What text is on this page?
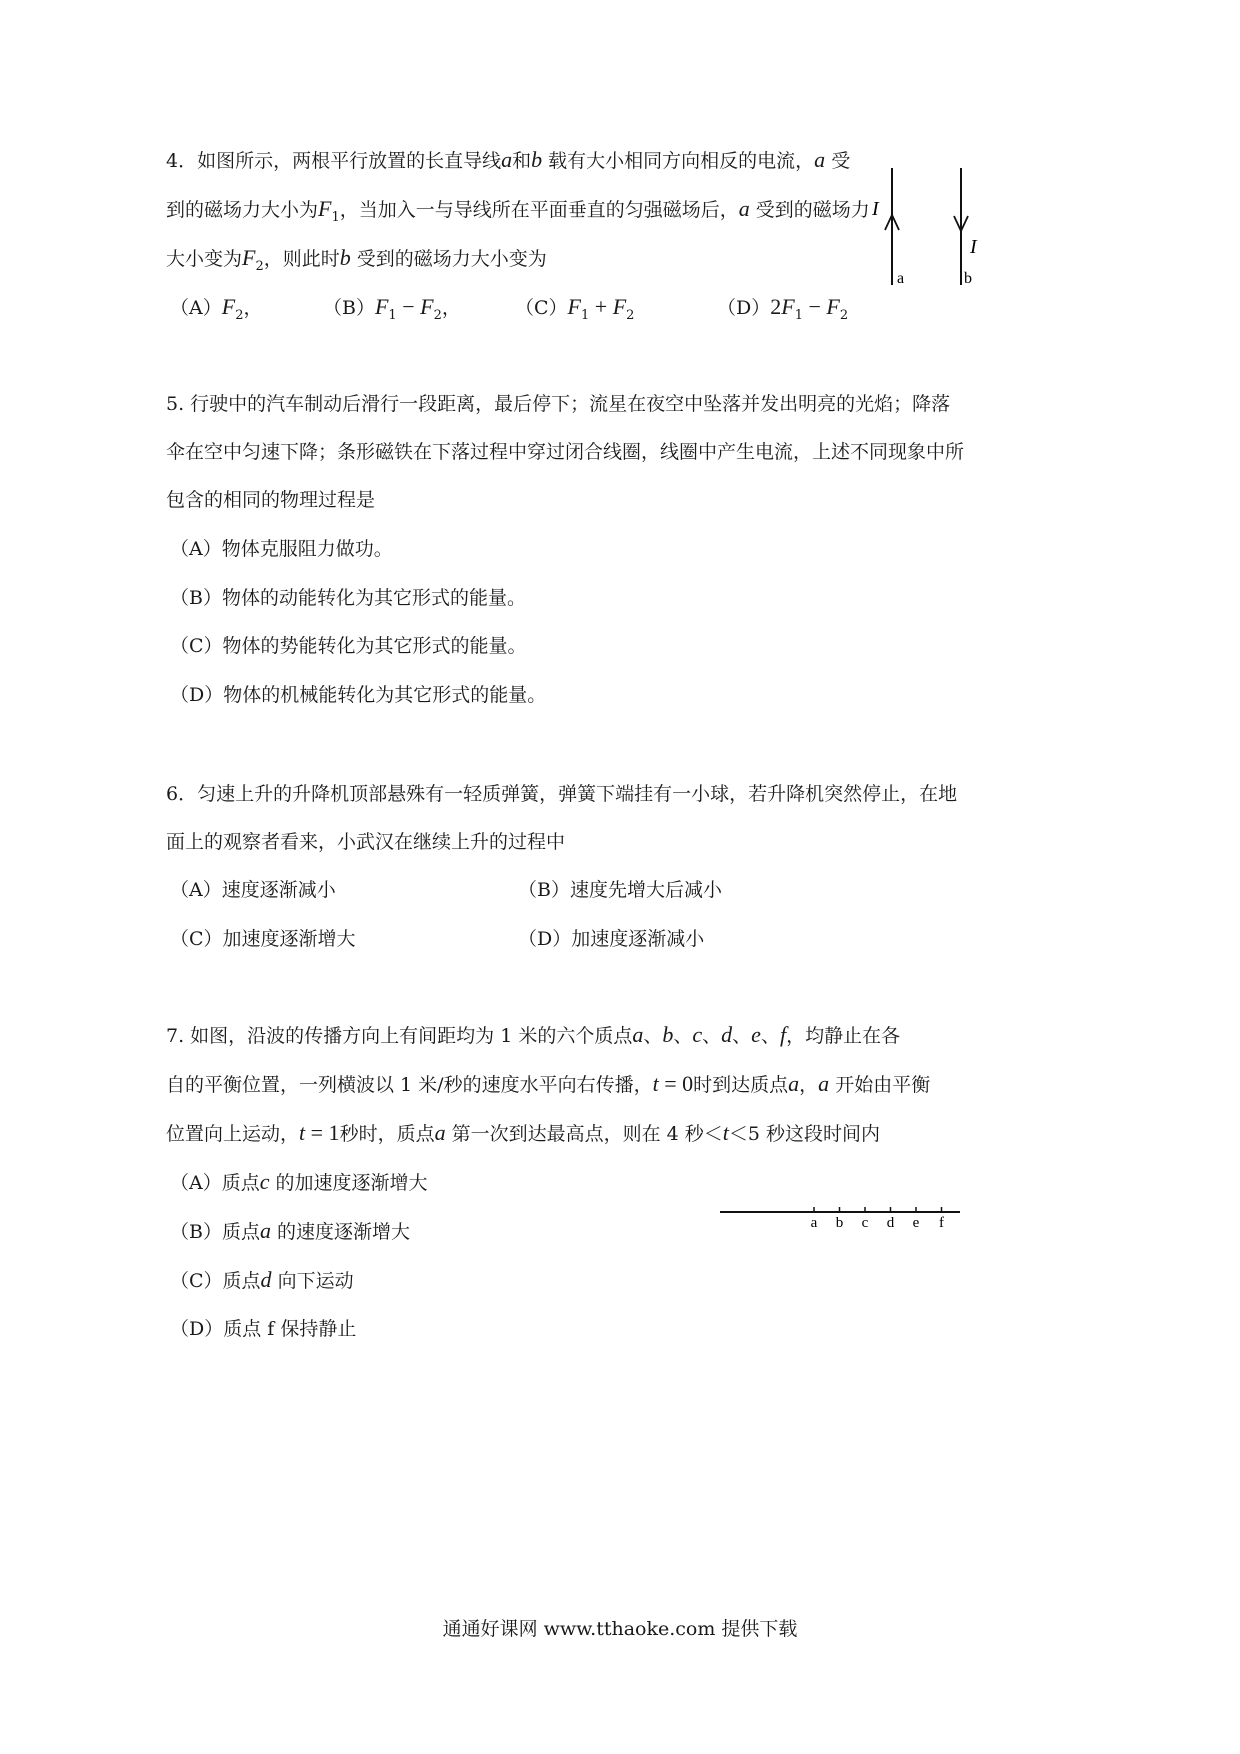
4．如图所示，两根平行放置的长直导线a和b 载有大小相同方向相反的电流，a 受
到的磁场力大小为$F_1$，当加入一与导线所在平面垂直的匀强磁场后，a 受到的磁场力
大小变为$F_2$，则此时b 受到的磁场力大小变为
$(A)F_2$，	$(B)F_1 - F_2$，	$(C)F_1 + F_2$	$(D)2F_1 - F_2$
I
a
I
b
5. 行驶中的汽车制动后滑行一段距离，最后停下；流星在夜空中坠落并发出明亮的光焰；降落
伞在空中匀速下降；条形磁铁在下落过程中穿过闭合线圈，线圈中产生电流，上述不同现象中所
包含的相同的物理过程是
（A）物体克服阻力做功。
（B）物体的动能转化为其它形式的能量。
（C）物体的势能转化为其它形式的能量。
（D）物体的机械能转化为其它形式的能量。
6．匀速上升的升降机顶部悬殊有一轻质弹簧，弹簧下端挂有一小球，若升降机突然停止，在地
面上的观察者看来，小武汉在继续上升的过程中
（A）速度逐渐减小	（B）速度先增大后减小
（C）加速度逐渐增大	（D）加速度逐渐减小
7. 如图，沿波的传播方向上有间距均为 1 米的六个质点a、b、c、d、e、f，均静止在各
自的平衡位置，一列横波以 1 米/秒的速度水平向右传播，t = 0时到达质点a，a 开始由平衡
位置向上运动，t = 1秒时，质点a 第一次到达最高点，则在 4 秒＜t＜5 秒这段时间内
（A）质点c 的加速度逐渐增大
（B）质点a 的速度逐渐增大
（C）质点d 向下运动
（D）质点 f 保持静止
a b c d e f
通通好课网 www.tthaoke.com 提供下载
